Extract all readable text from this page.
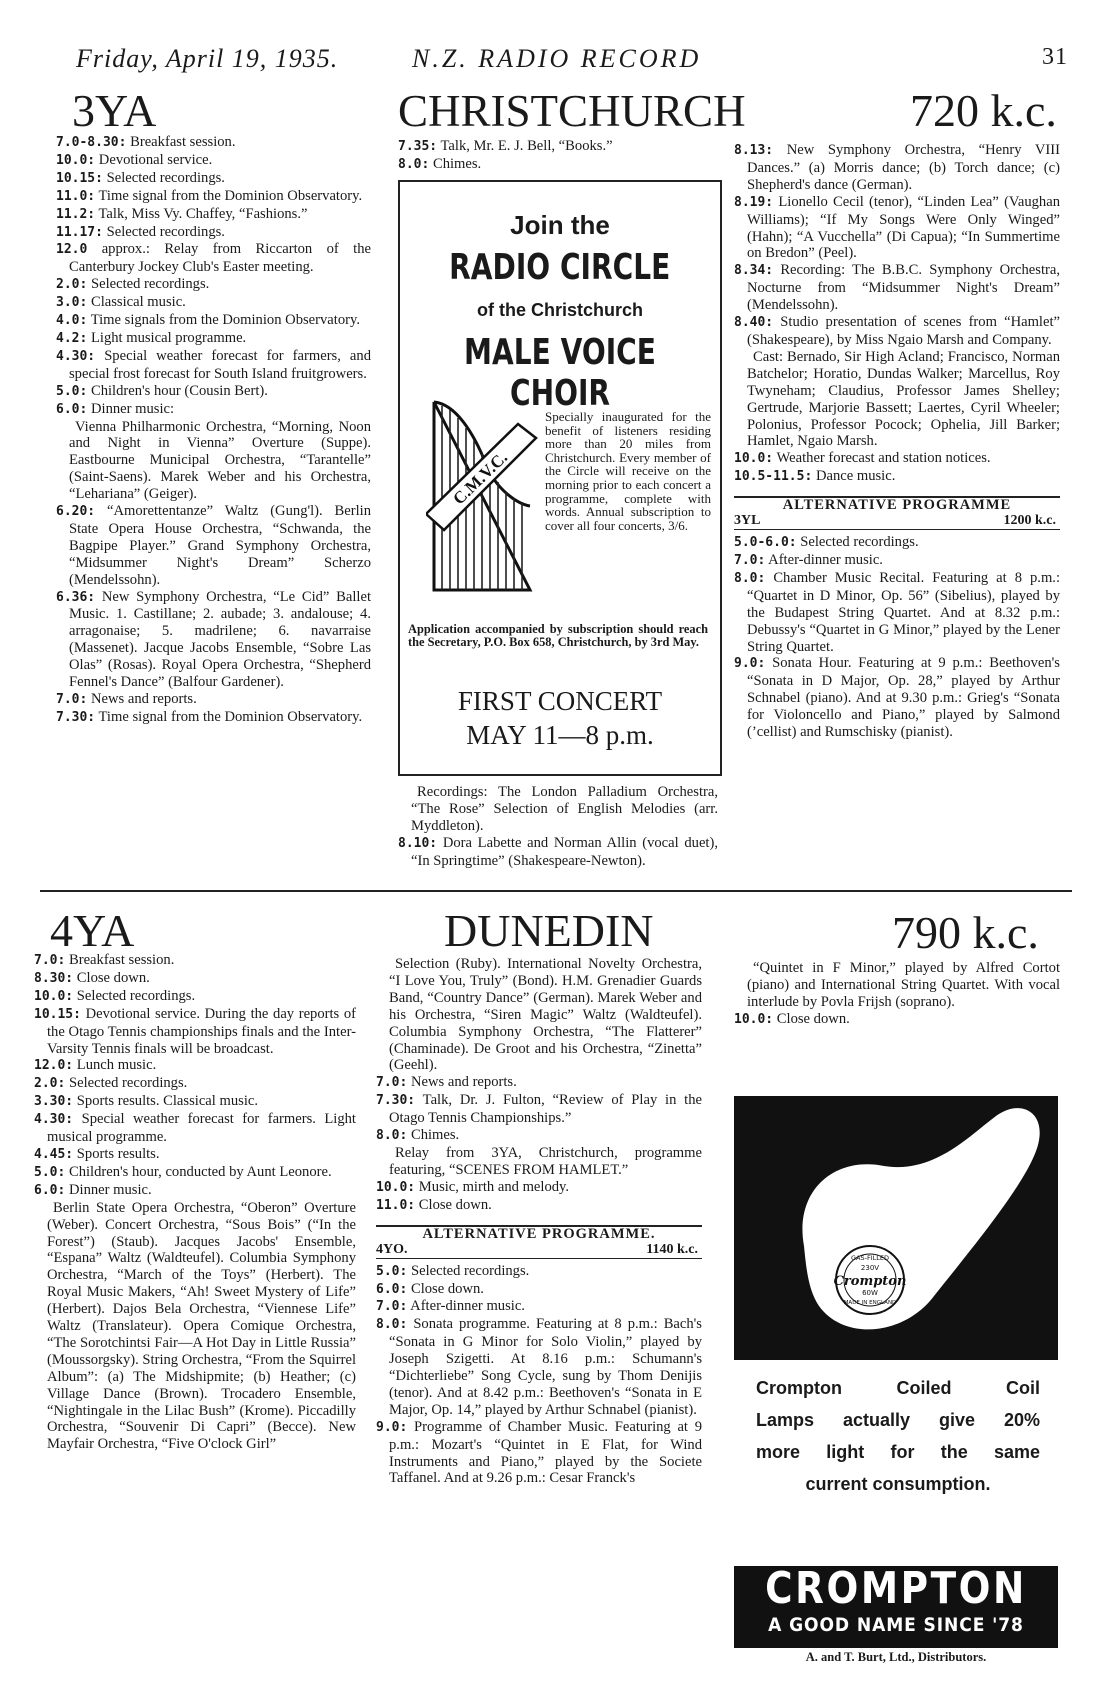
Friday, April 19, 1935.	N.Z. RADIO RECORD	31
3YA	CHRISTCHURCH	720 k.c.

7.0-8.30: Breakfast session.

10.0: Devotional service.

10.15: Selected recordings.

11.0: Time signal from the Dominion Observatory.

11.2: Talk, Miss Vy. Chaffey, “Fashions.”

11.17: Selected recordings.

12.0 approx.: Relay from Riccarton of the Canterbury Jockey Club's Easter meeting.

2.0: Selected recordings.

3.0: Classical music.

4.0: Time signals from the Dominion Observatory.

4.2: Light musical programme.

4.30: Special weather forecast for farmers, and special frost forecast for South Island fruitgrowers.

5.0: Children's hour (Cousin Bert).

6.0: Dinner music:

Vienna Philharmonic Orchestra, “Morning, Noon and Night in Vienna” Overture (Suppe). Eastbourne Municipal Orchestra, “Tarantelle” (Saint-Saens). Marek Weber and his Orchestra, “Lehariana” (Geiger).

6.20: “Amorettentanze” Waltz (Gung'l). Berlin State Opera House Orchestra, “Schwanda, the Bagpipe Player.” Grand Symphony Orchestra, “Midsummer Night's Dream” Scherzo (Mendelssohn).

6.36: New Symphony Orchestra, “Le Cid” Ballet Music. 1. Castillane; 2. aubade; 3. andalouse; 4. arragonaise; 5. madrilene; 6. navarraise (Massenet). Jacque Jacobs Ensemble, “Sobre Las Olas” (Rosas). Royal Opera Orchestra, “Shepherd Fennel's Dance” (Balfour Gardener).

7.0: News and reports.

7.30: Time signal from the Dominion Observatory.

7.35: Talk, Mr. E. J. Bell, “Books.”

8.0: Chimes.

Join the
RADIO CIRCLE
of the Christchurch
MALE VOICE CHOIR
C.M.V.C.
Specially inaugurated for the benefit of listeners residing more than 20 miles from Christchurch. Every member of the Circle will receive on the morning prior to each concert a programme, complete with words. Annual subscription to cover all four concerts, 3/6.
Application accompanied by subscription should reach the Secretary, P.O. Box 658, Christchurch, by 3rd May.
FIRST CONCERT
MAY 11—8 p.m.

Recordings: The London Palladium Orchestra, “The Rose” Selection of English Melodies (arr. Myddleton).

8.10: Dora Labette and Norman Allin (vocal duet), “In Springtime” (Shakespeare-Newton).

8.13: New Symphony Orchestra, “Henry VIII Dances.” (a) Morris dance; (b) Torch dance; (c) Shepherd's dance (German).

8.19: Lionello Cecil (tenor), “Linden Lea” (Vaughan Williams); “If My Songs Were Only Winged” (Hahn); “A Vucchella” (Di Capua); “In Summertime on Bredon” (Peel).

8.34: Recording: The B.B.C. Symphony Orchestra, Nocturne from “Midsummer Night's Dream” (Mendelssohn).

8.40: Studio presentation of scenes from “Hamlet” (Shakespeare), by Miss Ngaio Marsh and Company.

Cast: Bernado, Sir High Acland; Francisco, Norman Batchelor; Horatio, Dundas Walker; Marcellus, Roy Twyneham; Claudius, Professor James Shelley; Gertrude, Marjorie Bassett; Laertes, Cyril Wheeler; Polonius, Professor Pocock; Ophelia, Jill Barker; Hamlet, Ngaio Marsh.

10.0: Weather forecast and station notices.

10.5-11.5: Dance music.

ALTERNATIVE PROGRAMME
3YL	1200 k.c.

5.0-6.0: Selected recordings.

7.0: After-dinner music.

8.0: Chamber Music Recital. Featuring at 8 p.m.: “Quartet in D Minor, Op. 56” (Sibelius), played by the Budapest String Quartet. And at 8.32 p.m.: Debussy's “Quartet in G Minor,” played by the Lener String Quartet.

9.0: Sonata Hour. Featuring at 9 p.m.: Beethoven's “Sonata in D Major, Op. 28,” played by Arthur Schnabel (piano). And at 9.30 p.m.: Grieg's “Sonata for Violoncello and Piano,” played by Salmond (’cellist) and Rumschisky (pianist).

4YA	DUNEDIN	790 k.c.

7.0: Breakfast session.

8.30: Close down.

10.0: Selected recordings.

10.15: Devotional service. During the day reports of the Otago Tennis championships finals and the Inter-Varsity Tennis finals will be broadcast.

12.0: Lunch music.

2.0: Selected recordings.

3.30: Sports results. Classical music.

4.30: Special weather forecast for farmers. Light musical programme.

4.45: Sports results.

5.0: Children's hour, conducted by Aunt Leonore.

6.0: Dinner music.

Berlin State Opera Orchestra, “Oberon” Overture (Weber). Concert Orchestra, “Sous Bois” (“In the Forest”) (Staub). Jacques Jacobs' Ensemble, “Espana” Waltz (Waldteufel). Columbia Symphony Orchestra, “March of the Toys” (Herbert). The Royal Music Makers, “Ah! Sweet Mystery of Life” (Herbert). Dajos Bela Orchestra, “Viennese Life” Waltz (Translateur). Opera Comique Orchestra, “The Sorotchintsi Fair—A Hot Day in Little Russia” (Moussorgsky). String Orchestra, “From the Squirrel Album”: (a) The Midshipmite; (b) Heather; (c) Village Dance (Brown). Trocadero Ensemble, “Nightingale in the Lilac Bush” (Krome). Piccadilly Orchestra, “Souvenir Di Capri” (Becce). New Mayfair Orchestra, “Five O'clock Girl”

Selection (Ruby). International Novelty Orchestra, “I Love You, Truly” (Bond). H.M. Grenadier Guards Band, “Country Dance” (German). Marek Weber and his Orchestra, “Siren Magic” Waltz (Waldteufel). Columbia Symphony Orchestra, “The Flatterer” (Chaminade). De Groot and his Orchestra, “Zinetta” (Geehl).

7.0: News and reports.

7.30: Talk, Dr. J. Fulton, “Review of Play in the Otago Tennis Championships.”

8.0: Chimes.

Relay from 3YA, Christchurch, programme featuring, “SCENES FROM HAMLET.”

10.0: Music, mirth and melody.

11.0: Close down.

ALTERNATIVE PROGRAMME.
4YO.	1140 k.c.

5.0: Selected recordings.

6.0: Close down.

7.0: After-dinner music.

8.0: Sonata programme. Featuring at 8 p.m.: Bach's “Sonata in G Minor for Solo Violin,” played by Joseph Szigetti. At 8.16 p.m.: Schumann's “Dichterliebe” Song Cycle, sung by Thom Denijis (tenor). And at 8.42 p.m.: Beethoven's “Sonata in E Major, Op. 14,” played by Arthur Schnabel (pianist).

9.0: Programme of Chamber Music. Featuring at 9 p.m.: Mozart's “Quintet in E Flat, for Wind Instruments and Piano,” played by the Societe Taffanel. And at 9.26 p.m.: Cesar Franck's

“Quintet in F Minor,” played by Alfred Cortot (piano) and International String Quartet. With vocal interlude by Povla Frijsh (soprano).

10.0: Close down.

GAS-FILLED
230V
Crompton
60W
MADE IN ENGLAND
Crompton	Coiled	Coil
Lamps actually give 20%
more light for the same
current consumption.
CROMPTON
A GOOD NAME SINCE '78
A. and T. Burt, Ltd., Distributors.
